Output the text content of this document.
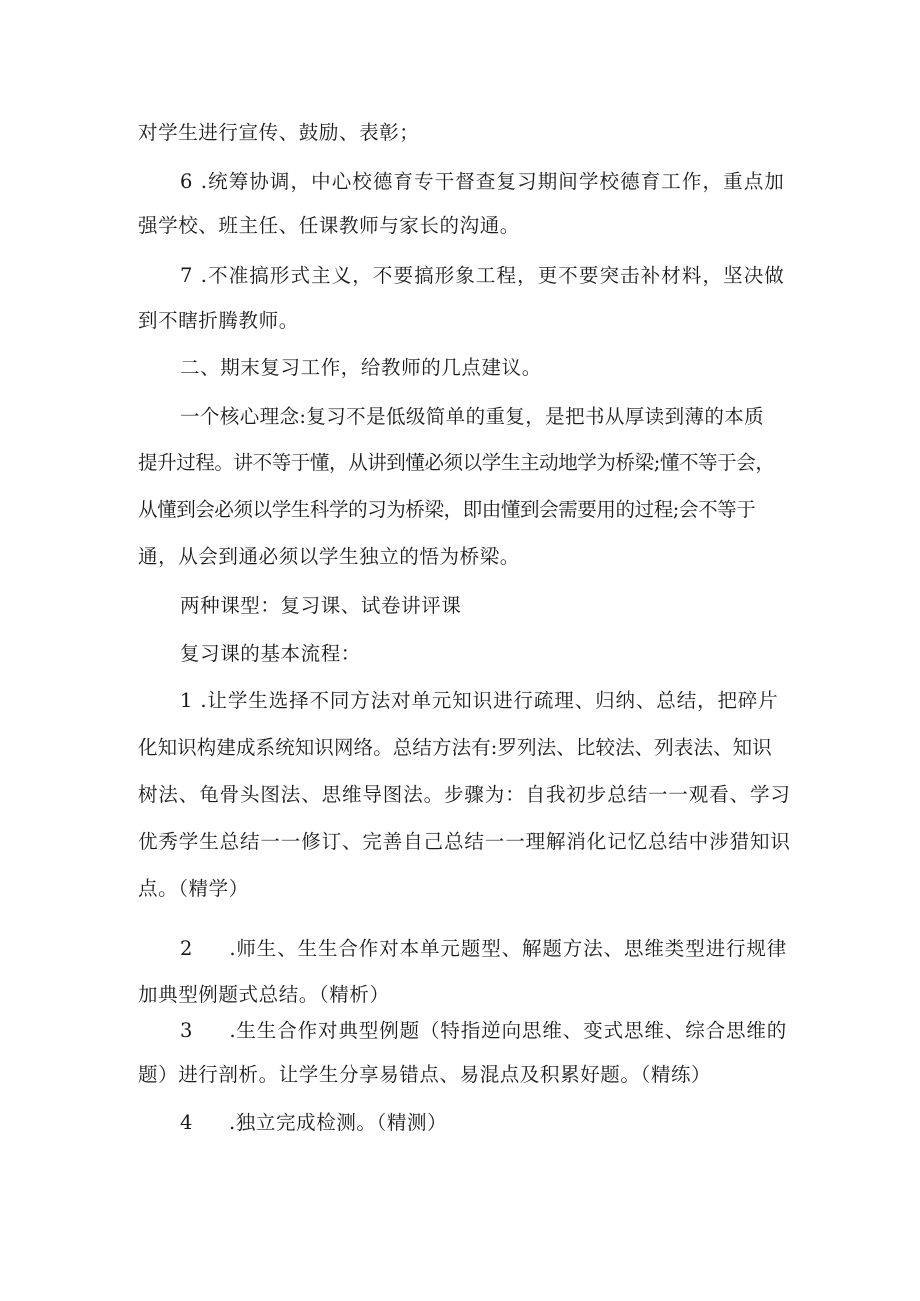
对学生进行宣传、鼓励、表彰；
6 .统筹协调，中心校德育专干督查复习期间学校德育工作，重点加
强学校、班主任、任课教师与家长的沟通。
7 .不准搞形式主义，不要搞形象工程，更不要突击补材料，坚决做
到不瞎折腾教师。
二、期末复习工作，给教师的几点建议。
一个核心理念:复习不是低级简单的重复，是把书从厚读到薄的本质
提升过程。讲不等于懂，从讲到懂必须以学生主动地学为桥梁;懂不等于会，
从懂到会必须以学生科学的习为桥梁，即由懂到会需要用的过程;会不等于
通，从会到通必须以学生独立的悟为桥梁。
两种课型：复习课、试卷讲评课
复习课的基本流程：
1 .让学生选择不同方法对单元知识进行疏理、归纳、总结，把碎片
化知识构建成系统知识网络。总结方法有:罗列法、比较法、列表法、知识
树法、龟骨头图法、思维导图法。步骤为：自我初步总结一一观看、学习
优秀学生总结一一修订、完善自己总结一一理解消化记忆总结中涉猎知识
点。（精学）
2 .师生、生生合作对本单元题型、解题方法、思维类型进行规律
加典型例题式总结。（精析）
3 .生生合作对典型例题（特指逆向思维、变式思维、综合思维的
题）进行剖析。让学生分享易错点、易混点及积累好题。（精练）
4 .独立完成检测。（精测）
